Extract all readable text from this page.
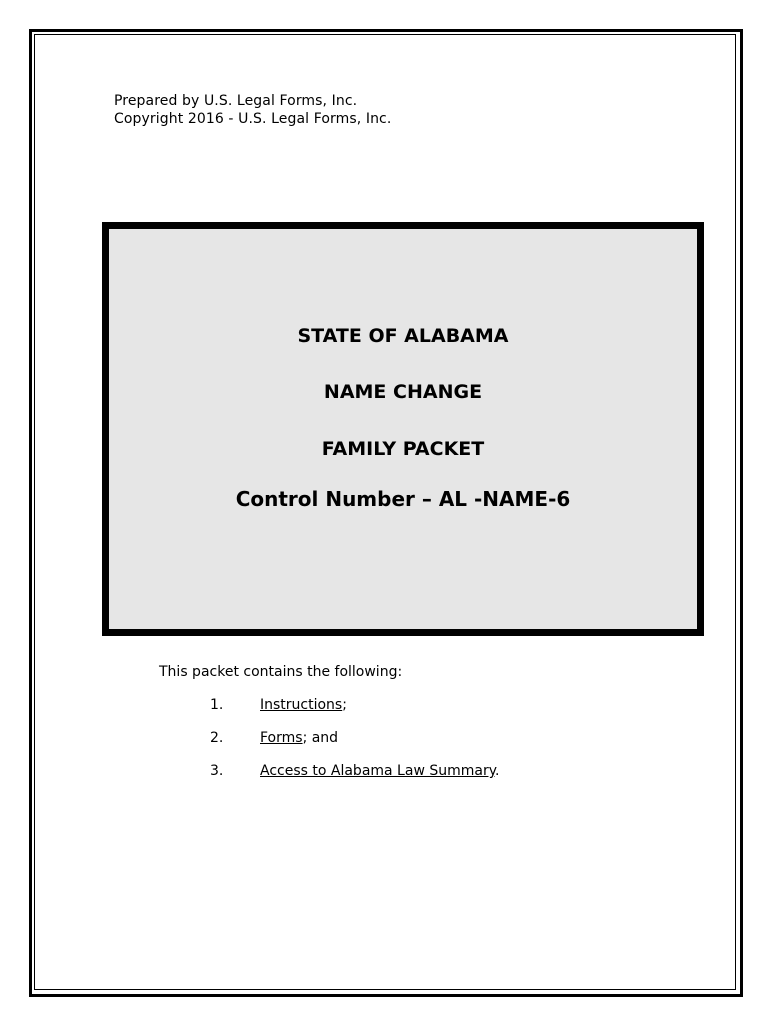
Prepared by U.S. Legal Forms, Inc.
Copyright 2016 - U.S. Legal Forms, Inc.
STATE OF ALABAMA
NAME CHANGE
FAMILY PACKET
Control Number – AL -NAME-6
This packet contains the following:
1.	Instructions;
2.	Forms; and
3.	Access to Alabama Law Summary.
